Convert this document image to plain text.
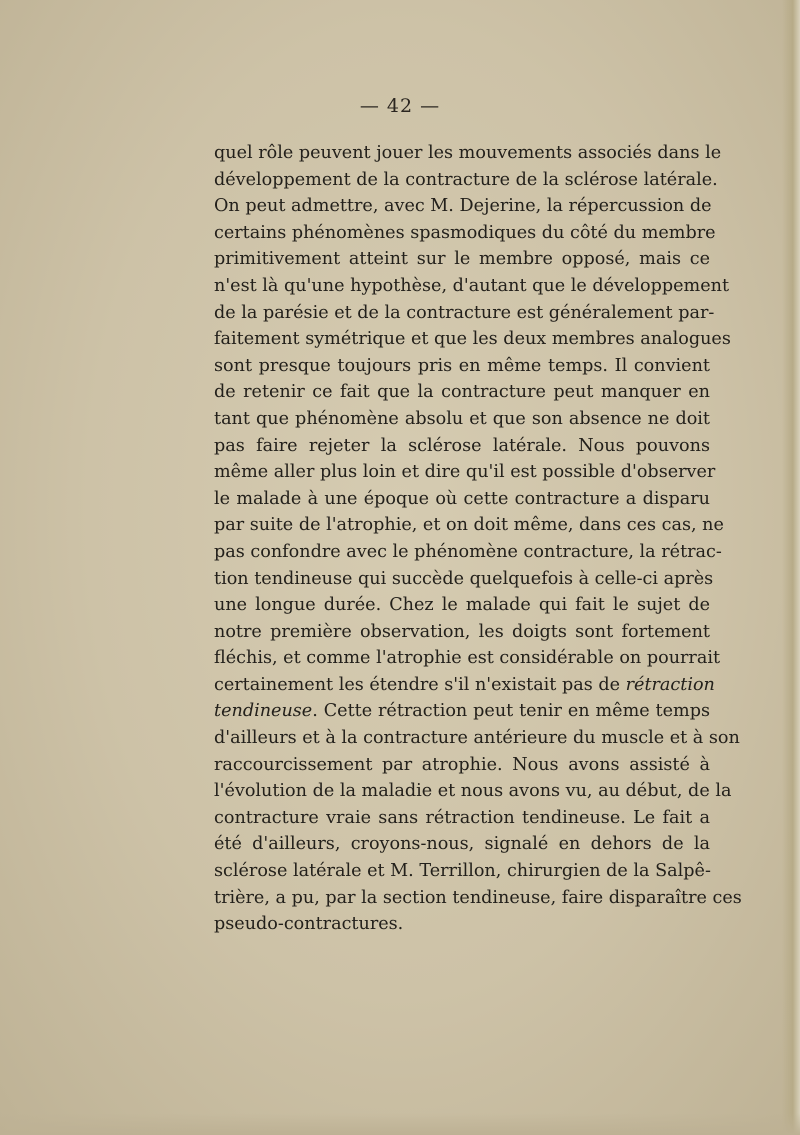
— 42 —
quel rôle peuvent jouer les mouvements associés dans le
développement de la contracture de la sclérose latérale.
On peut admettre, avec M. Dejerine, la répercussion de
certains phénomènes spasmodiques du côté du membre
primitivement atteint sur le membre opposé, mais ce
n'est là qu'une hypothèse, d'autant que le développement
de la parésie et de la contracture est généralement par-
faitement symétrique et que les deux membres analogues
sont presque toujours pris en même temps. Il convient
de retenir ce fait que la contracture peut manquer en
tant que phénomène absolu et que son absence ne doit
pas faire rejeter la sclérose latérale. Nous pouvons
même aller plus loin et dire qu'il est possible d'observer
le malade à une époque où cette contracture a disparu
par suite de l'atrophie, et on doit même, dans ces cas, ne
pas confondre avec le phénomène contracture, la rétrac-
tion tendineuse qui succède quelquefois à celle-ci après
une longue durée. Chez le malade qui fait le sujet de
notre première observation, les doigts sont fortement
fléchis, et comme l'atrophie est considérable on pourrait
certainement les étendre s'il n'existait pas de rétraction
tendineuse. Cette rétraction peut tenir en même temps
d'ailleurs et à la contracture antérieure du muscle et à son
raccourcissement par atrophie. Nous avons assisté à
l'évolution de la maladie et nous avons vu, au début, de la
contracture vraie sans rétraction tendineuse. Le fait a
été d'ailleurs, croyons-nous, signalé en dehors de la
sclérose latérale et M. Terrillon, chirurgien de la Salpê-
trière, a pu, par la section tendineuse, faire disparaître ces
pseudo-contractures.
